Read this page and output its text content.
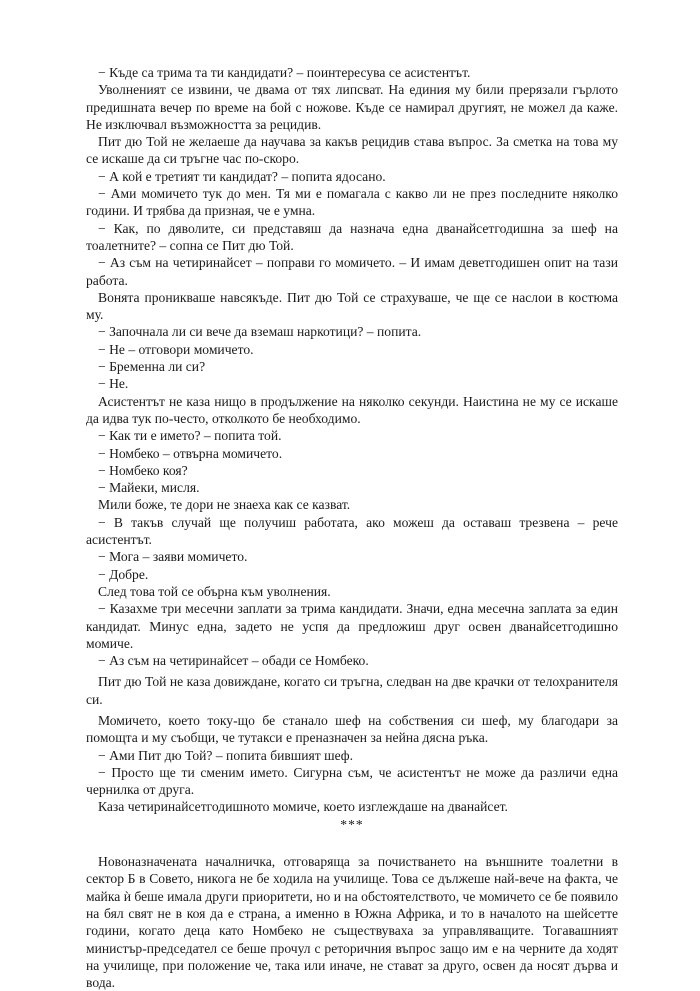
− Къде са трима та ти кандидати? – поинтересува се асистентът.

Уволненият се извини, че двама от тях липсват. На единия му били прерязали гърлото предишната вечер по време на бой с ножове. Къде се намирал другият, не можел да каже. Не изключвал възможността за рецидив.

Пит дю Той не желаеше да научава за какъв рецидив става въпрос. За сметка на това му се искаше да си тръгне час по-скоро.

− А кой е третият ти кандидат? – попита ядосано.

− Ами момичето тук до мен. Тя ми е помагала с какво ли не през последните няколко години. И трябва да призная, че е умна.

− Как, по дяволите, си представяш да назнача една дванайсетгодишна за шеф на тоалетните? – сопна се Пит дю Той.

− Аз съм на четиринайсет – поправи го момичето. – И имам деветгодишен опит на тази работа.

Вонята проникваше навсякъде. Пит дю Той се страхуваше, че ще се наслои в костюма му.

− Започнала ли си вече да вземаш наркотици? – попита.

− Не – отговори момичето.

− Бременна ли си?

− Не.

Асистентът не каза нищо в продължение на няколко секунди. Наистина не му се искаше да идва тук по-често, отколкото бе необходимо.

− Как ти е името? – попита той.

− Номбеко – отвърна момичето.

− Номбеко коя?

− Майеки, мисля.

Мили боже, те дори не знаеха как се казват.

− В такъв случай ще получиш работата, ако можеш да оставаш трезвена – рече асистентът.

− Мога – заяви момичето.

− Добре.

След това той се обърна към уволнения.

− Казахме три месечни заплати за трима кандидати. Значи, една месечна заплата за един кандидат. Минус една, задето не успя да предложиш друг освен дванайсетгодишно момиче.

− Аз съм на четиринайсет – обади се Номбеко.

Пит дю Той не каза довиждане, когато си тръгна, следван на две крачки от телохранителя си.

Момичето, което току-що бе станало шеф на собствения си шеф, му благодари за помощта и му съобщи, че тутакси е преназначен за нейна дясна ръка.

− Ами Пит дю Той? – попита бившият шеф.

− Просто ще ти сменим името. Сигурна съм, че асистентът не може да различи една чернилка от друга.

Каза четиринайсетгодишното момиче, което изглеждаше на дванайсет.

***

Новоназначената началничка, отговаряща за почистването на външните тоалетни в сектор Б в Совето, никога не бе ходила на училище. Това се дължеше най-вече на факта, че майка ѝ беше имала други приоритети, но и на обстоятелството, че момичето се бе появило на бял свят не в коя да е страна, а именно в Южна Африка, и то в началото на шейсетте години, когато деца като Номбеко не съществуваха за управляващите. Тогавашният министър-председател се беше прочул с реторичния въпрос защо им е на черните да ходят на училище, при положение че, така или иначе, не стават за друго, освен да носят дърва и вода.
